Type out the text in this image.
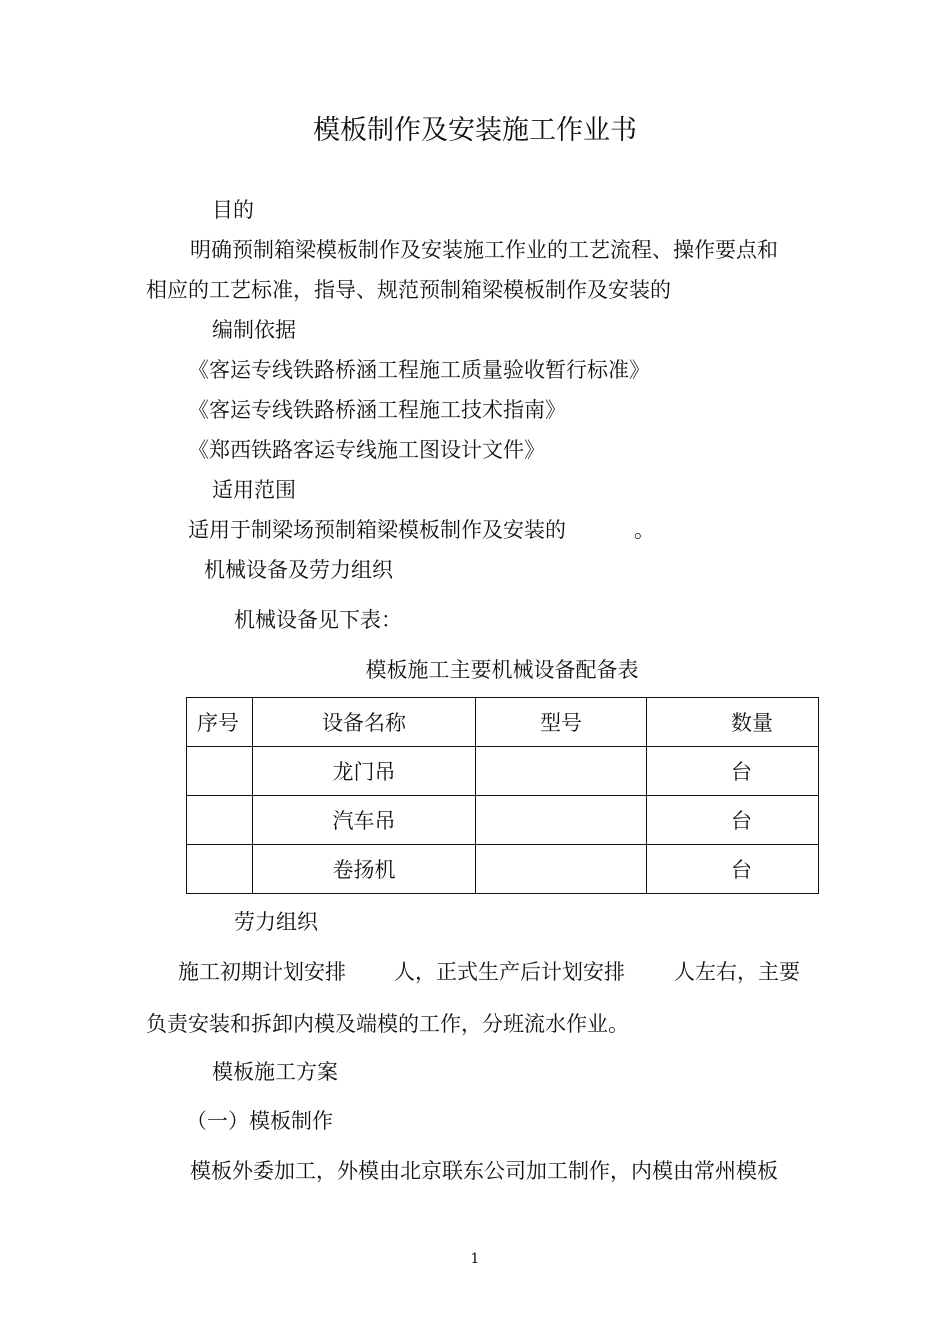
模板制作及安装施工作业书
目的
明确预制箱梁模板制作及安装施工作业的工艺流程、操作要点和
相应的工艺标准，指导、规范预制箱梁模板制作及安装的
编制依据
《客运专线铁路桥涵工程施工质量验收暂行标准》
《客运专线铁路桥涵工程施工技术指南》
《郑西铁路客运专线施工图设计文件》
适用范围
适用于制梁场预制箱梁模板制作及安装的	。
机械设备及劳力组织
机械设备见下表：
模板施工主要机械设备配备表
序号	设备名称	型号	数量
	龙门吊		台
	汽车吊		台
	卷扬机		台
劳力组织
施工初期计划安排 人，正式生产后计划安排 人左右，主要
负责安装和拆卸内模及端模的工作，分班流水作业。
模板施工方案
（一）模板制作
模板外委加工，外模由北京联东公司加工制作，内模由常州模板
1
